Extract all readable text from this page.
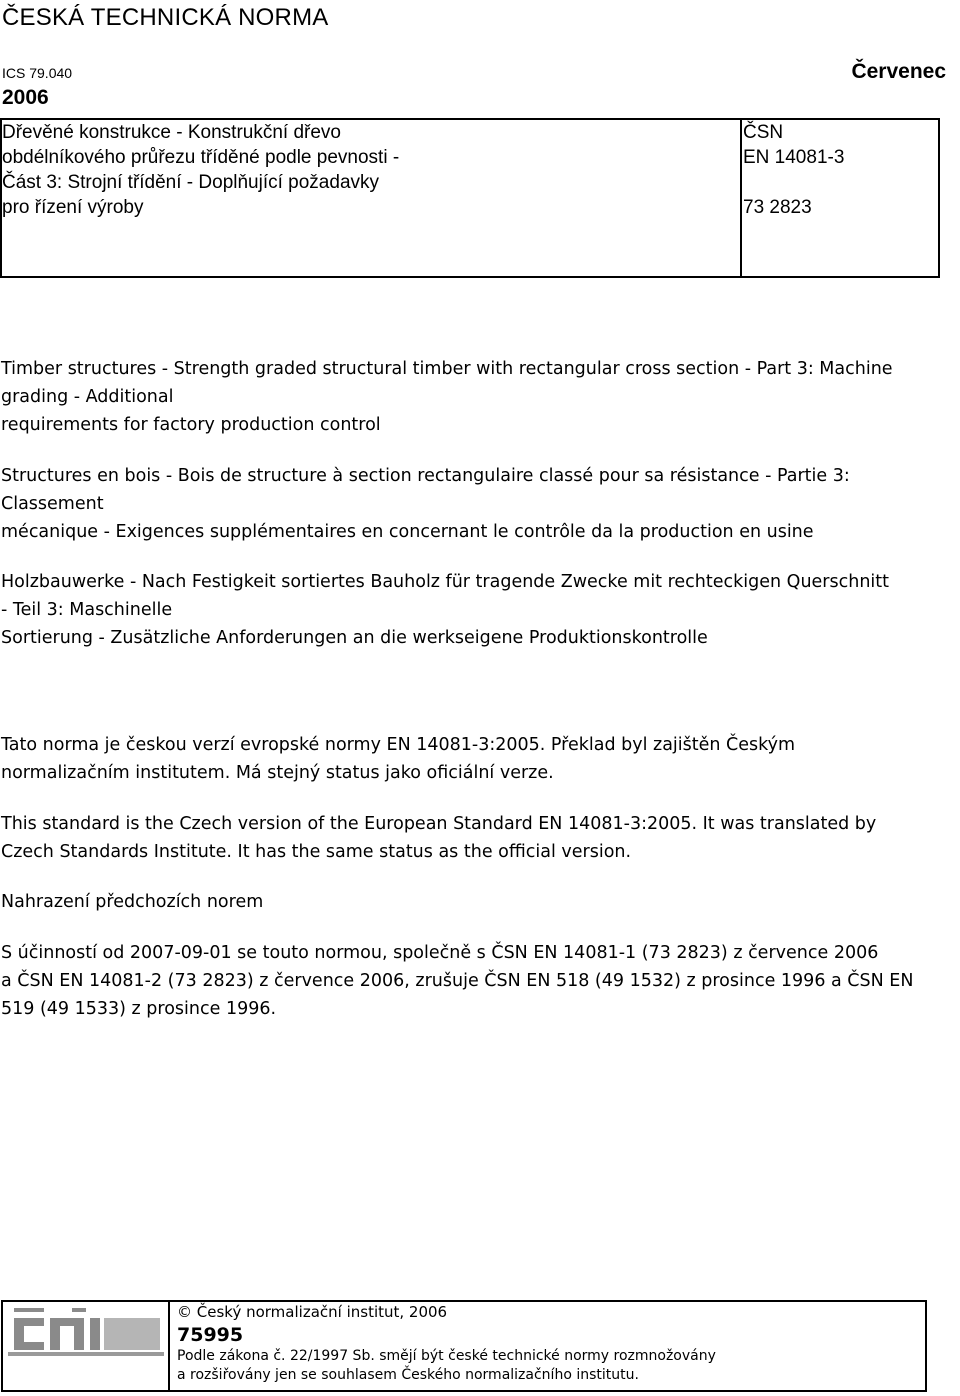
ČESKÁ TECHNICKÁ NORMA
ICS 79.040
2006
Červenec
Dřevěné konstrukce - Konstrukční dřevo
obdélníkového průřezu tříděné podle pevnosti -
Část 3: Strojní třídění - Doplňující požadavky
pro řízení výroby
ČSN
EN 14081-3
73 2823
Timber structures - Strength graded structural timber with rectangular cross section - Part 3: Machine
grading - Additional
requirements for factory production control
Structures en bois - Bois de structure à section rectangulaire classé pour sa résistance - Partie 3:
Classement
mécanique - Exigences supplémentaires en concernant le contrôle da la production en usine
Holzbauwerke - Nach Festigkeit sortiertes Bauholz für tragende Zwecke mit rechteckigen Querschnitt
- Teil 3: Maschinelle
Sortierung - Zusätzliche Anforderungen an die werkseigene Produktionskontrolle
Tato norma je českou verzí evropské normy EN 14081-3:2005. Překlad byl zajištěn Českým
normalizačním institutem. Má stejný status jako oficiální verze.
This standard is the Czech version of the European Standard EN 14081-3:2005. It was translated by
Czech Standards Institute. It has the same status as the official version.
Nahrazení předchozích norem
S účinností od 2007-09-01 se touto normou, společně s ČSN EN 14081-1 (73 2823) z července 2006
a ČSN EN 14081-2 (73 2823) z července 2006, zrušuje ČSN EN 518 (49 1532) z prosince 1996 a ČSN EN
519 (49 1533) z prosince 1996.
© Český normalizační institut, 2006
75995
Podle zákona č. 22/1997 Sb. smějí být české technické normy rozmnožovány
a rozšiřovány jen se souhlasem Českého normalizačního institutu.
